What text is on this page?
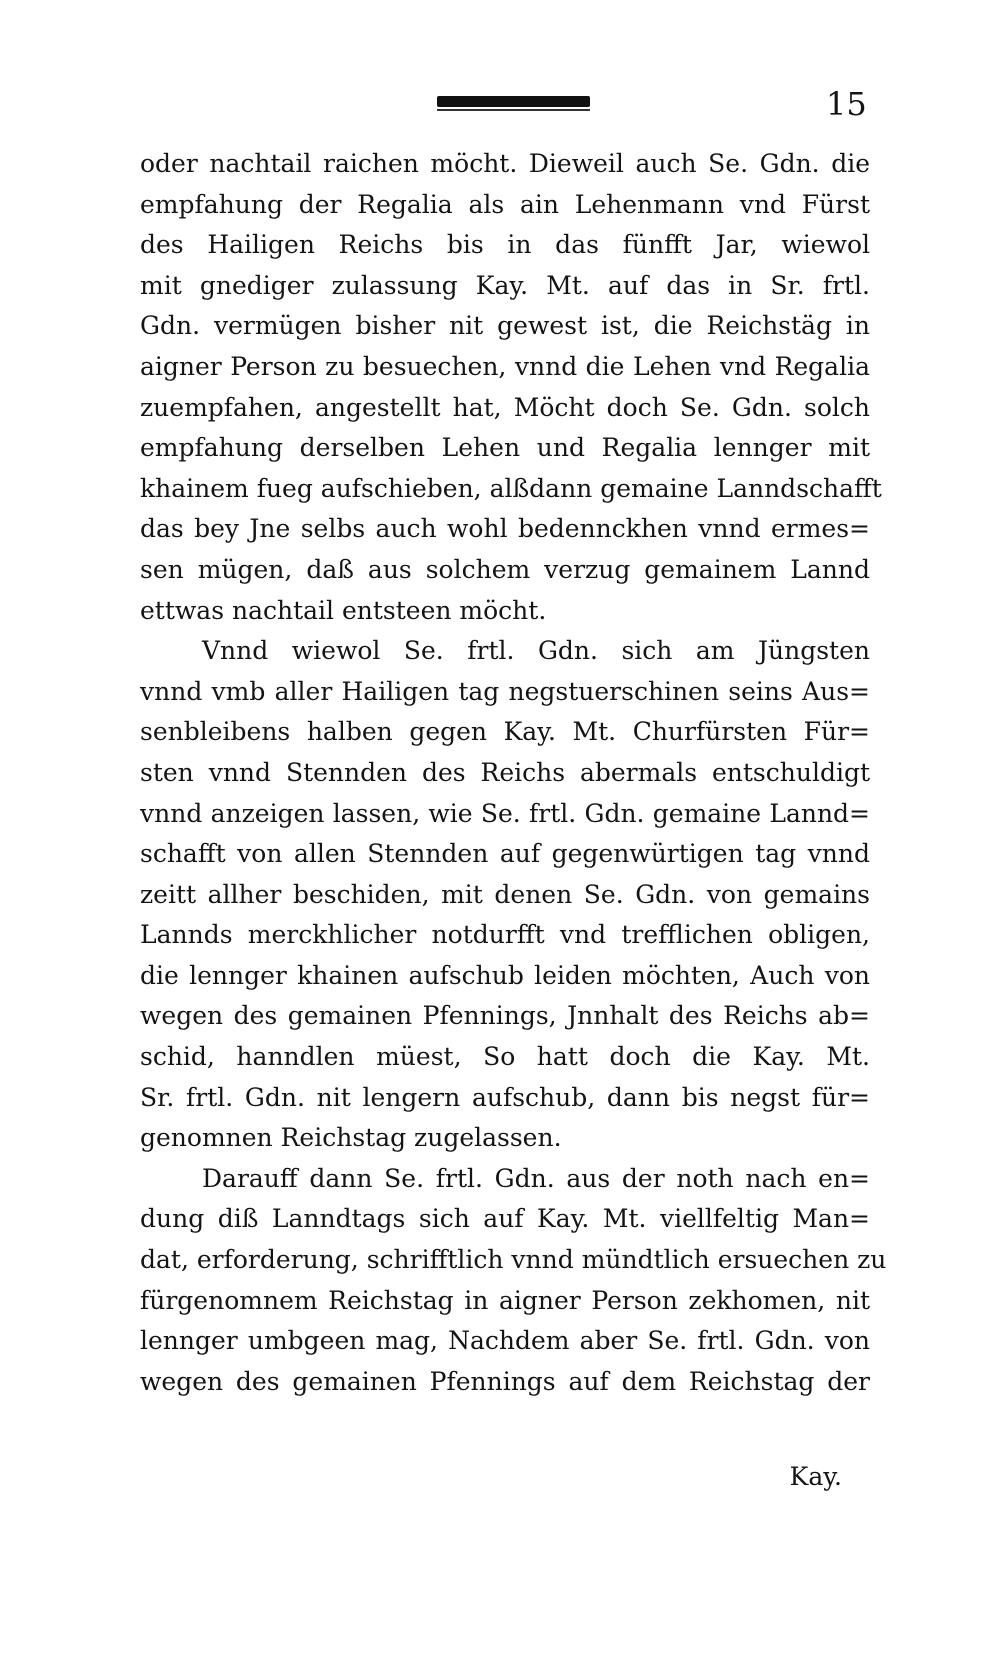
15
oder nachtail raichen möcht. Dieweil auch Se. Gdn. die
empfahung der Regalia als ain Lehenmann vnd Fürst
des Hailigen Reichs bis in das fünfft Jar, wiewol
mit gnediger zulassung Kay. Mt. auf das in Sr. frtl.
Gdn. vermügen bisher nit gewest ist, die Reichstäg in
aigner Person zu besuechen, vnnd die Lehen vnd Regalia
zuempfahen, angestellt hat, Möcht doch Se. Gdn. solch
empfahung derselben Lehen und Regalia lennger mit
khainem fueg aufschieben, alßdann gemaine Lanndschafft
das bey Jne selbs auch wohl bedennckhen vnnd ermes=
sen mügen, daß aus solchem verzug gemainem Lannd
ettwas nachtail entsteen möcht.
Vnnd wiewol Se. frtl. Gdn. sich am Jüngsten
vnnd vmb aller Hailigen tag negstuerschinen seins Aus=
senbleibens halben gegen Kay. Mt. Churfürsten Für=
sten vnnd Stennden des Reichs abermals entschuldigt
vnnd anzeigen lassen, wie Se. frtl. Gdn. gemaine Lannd=
schafft von allen Stennden auf gegenwürtigen tag vnnd
zeitt allher beschiden, mit denen Se. Gdn. von gemains
Lannds merckhlicher notdurfft vnd trefflichen obligen,
die lennger khainen aufschub leiden möchten, Auch von
wegen des gemainen Pfennings, Jnnhalt des Reichs ab=
schid, hanndlen müest, So hatt doch die Kay. Mt.
Sr. frtl. Gdn. nit lengern aufschub, dann bis negst für=
genomnen Reichstag zugelassen.
Darauff dann Se. frtl. Gdn. aus der noth nach en=
dung diß Lanndtags sich auf Kay. Mt. viellfeltig Man=
dat, erforderung, schrifftlich vnnd mündtlich ersuechen zu
fürgenomnem Reichstag in aigner Person zekhomen, nit
lennger umbgeen mag, Nachdem aber Se. frtl. Gdn. von
wegen des gemainen Pfennings auf dem Reichstag der
Kay.
